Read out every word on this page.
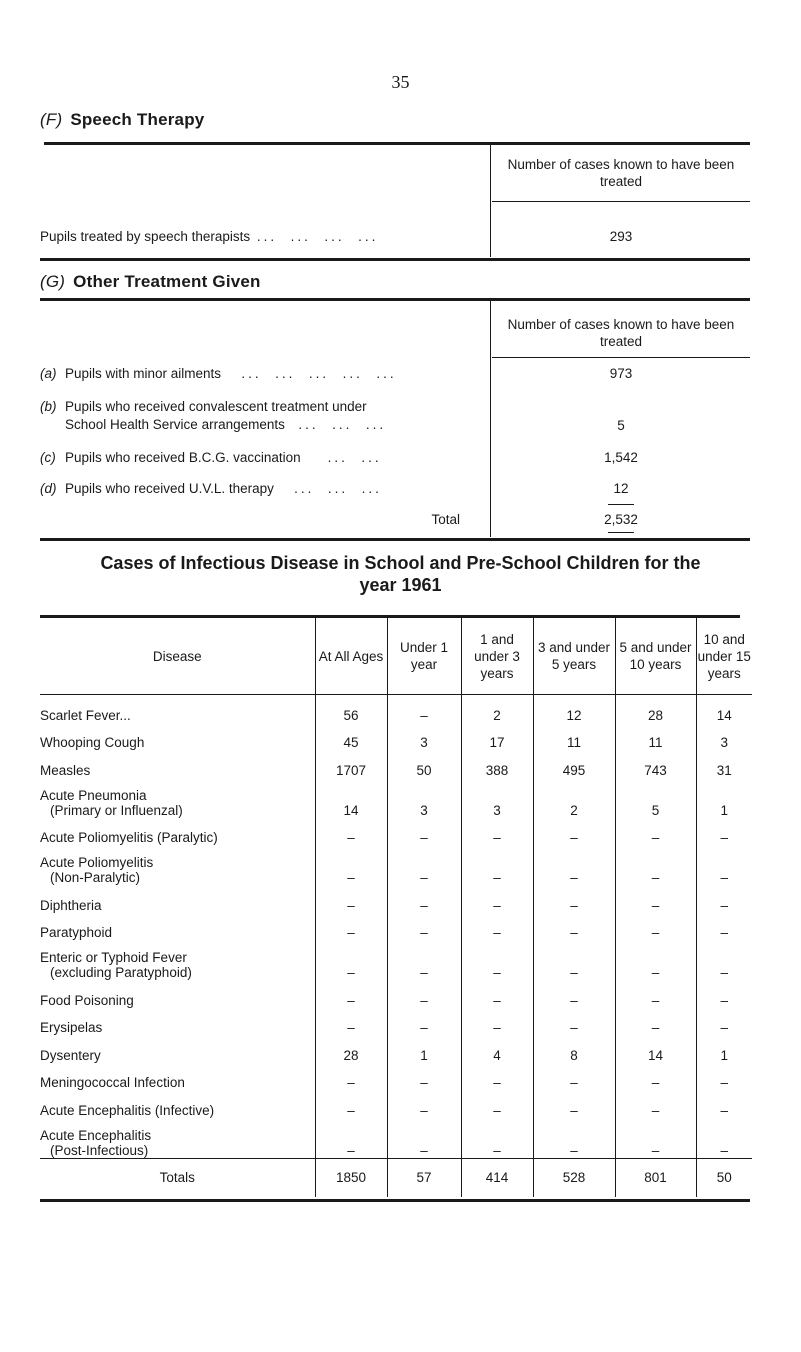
35
(F) Speech Therapy
Number of cases known to have been treated
Pupils treated by speech therapists ...  ...  ...  ...	293
(G) Other Treatment Given
Number of cases known to have been treated
(a) Pupils with minor ailments   ...  ...  ...  ...  ...	973
(b) Pupils who received convalescent treatment under
School Health Service arrangements  ...  ...  ...	5
(c) Pupils who received B.C.G. vaccination    ...  ...	1,542
(d) Pupils who received U.V.L. therapy   ...  ...  ...	12
Total	2,532
Cases of Infectious Disease in School and Pre-School Children for the
year 1961
Disease	At All Ages	Under 1 year	1 and under 3 years	3 and under 5 years	5 and under 10 years	10 and under 15 years
Scarlet Fever...	56	–	2	12	28	14
Whooping Cough	45	3	17	11	11	3
Measles	1707	50	388	495	743	31
Acute Pneumonia
(Primary or Influenzal)	14	3	3	2	5	1
Acute Poliomyelitis (Paralytic)	–	–	–	–	–	–
Acute Poliomyelitis
(Non-Paralytic)	–	–	–	–	–	–
Diphtheria	–	–	–	–	–	–
Paratyphoid	–	–	–	–	–	–
Enteric or Typhoid Fever
(excluding Paratyphoid)	–	–	–	–	–	–
Food Poisoning	–	–	–	–	–	–
Erysipelas	–	–	–	–	–	–
Dysentery	28	1	4	8	14	1
Meningococcal Infection	–	–	–	–	–	–
Acute Encephalitis (Infective)	–	–	–	–	–	–
Acute Encephalitis
(Post-Infectious)	–	–	–	–	–	–
Totals	1850	57	414	528	801	50
